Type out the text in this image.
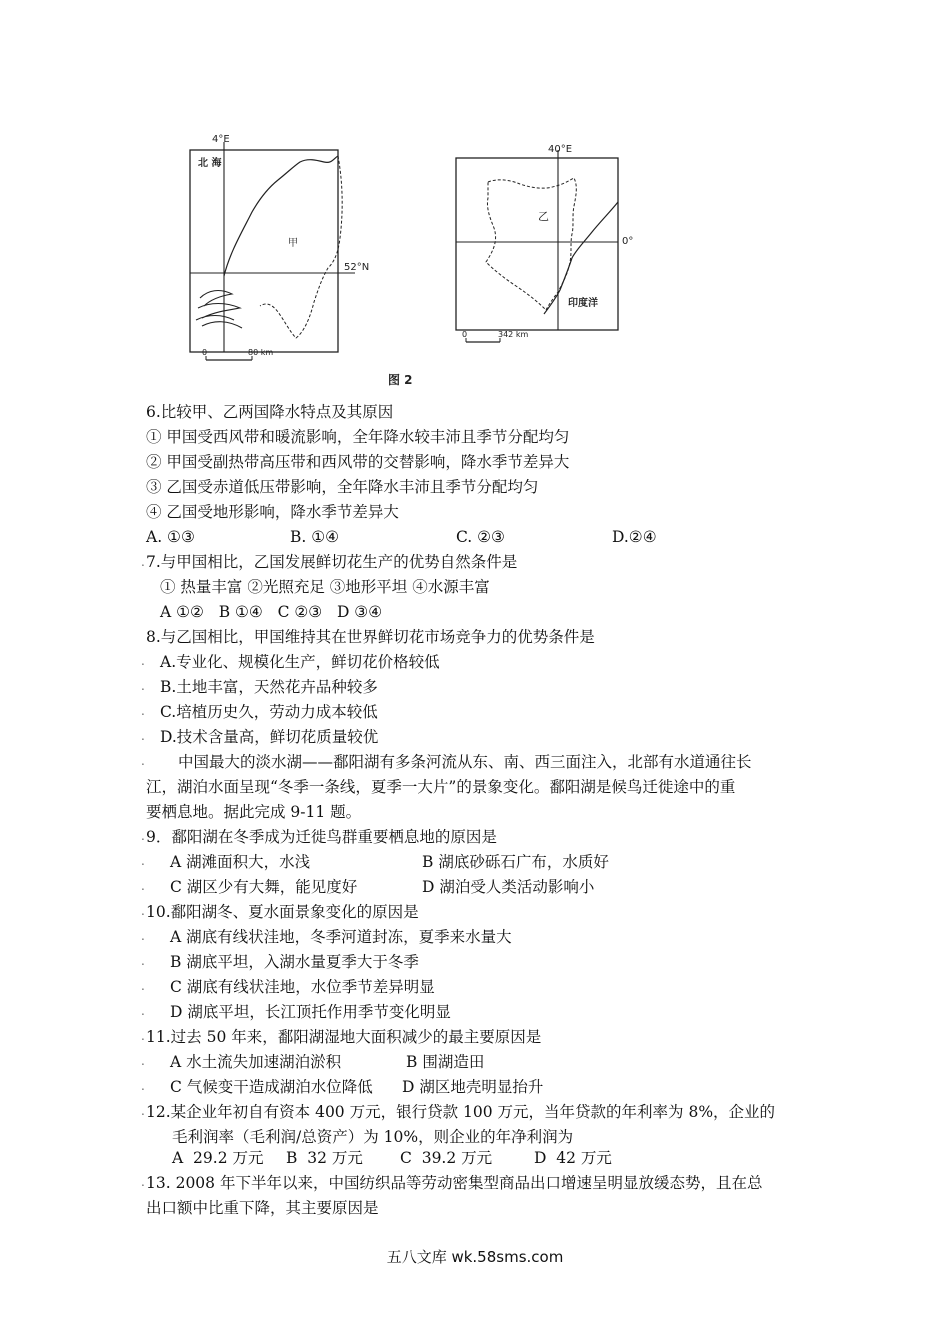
4°E
北 海
甲
52°N
0	80 km
40°E
乙
0°
印度洋
0	342 km
图 2
6.比较甲、乙两国降水特点及其原因
① 甲国受西风带和暖流影响，全年降水较丰沛且季节分配均匀
② 甲国受副热带高压带和西风带的交替影响，降水季节差异大
③ 乙国受赤道低压带影响，全年降水丰沛且季节分配均匀
④ 乙国受地形影响，降水季节差异大
A. ①③	B. ①④	C. ②③	D.②④
. 7.与甲国相比，乙国发展鲜切花生产的优势自然条件是
① 热量丰富 ②光照充足 ③地形平坦 ④水源丰富
A ①②   B ①④   C ②③   D ③④
8.与乙国相比，甲国维持其在世界鲜切花市场竞争力的优势条件是
. A.专业化、规模化生产，鲜切花价格较低
. B.土地丰富，天然花卉品种较多
. C.培植历史久，劳动力成本较低
. D.技术含量高，鲜切花质量较优
. 中国最大的淡水湖——鄱阳湖有多条河流从东、南、西三面注入，北部有水道通往长
江，湖泊水面呈现“冬季一条线，夏季一大片”的景象变化。鄱阳湖是候鸟迁徙途中的重
要栖息地。据此完成 9-11 题。
. 9．鄱阳湖在冬季成为迁徙鸟群重要栖息地的原因是
. A 湖滩面积大，水浅	B 湖底砂砾石广布，水质好
. C 湖区少有大舞，能见度好	D 湖泊受人类活动影响小
. 10.鄱阳湖冬、夏水面景象变化的原因是
. A 湖底有线状洼地，冬季河道封冻，夏季来水量大
. B 湖底平坦，入湖水量夏季大于冬季
. C 湖底有线状洼地，水位季节差异明显
. D 湖底平坦，长江顶托作用季节变化明显
. 11.过去 50 年来，鄱阳湖湿地大面积减少的最主要原因是
. A 水土流失加速湖泊淤积	B 围湖造田
. C 气候变干造成湖泊水位降低 D 湖区地壳明显抬升
. 12.某企业年初自有资本 400 万元，银行贷款 100 万元，当年贷款的年利率为 8%，企业的
毛利润率（毛利润/总资产）为 10%，则企业的年净利润为
A  29.2 万元 B  32 万元 C  39.2 万元	D  42 万元
. 13. 2008 年下半年以来，中国纺织品等劳动密集型商品出口增速呈明显放缓态势，且在总
出口额中比重下降，其主要原因是
五八文库 wk.58sms.com
